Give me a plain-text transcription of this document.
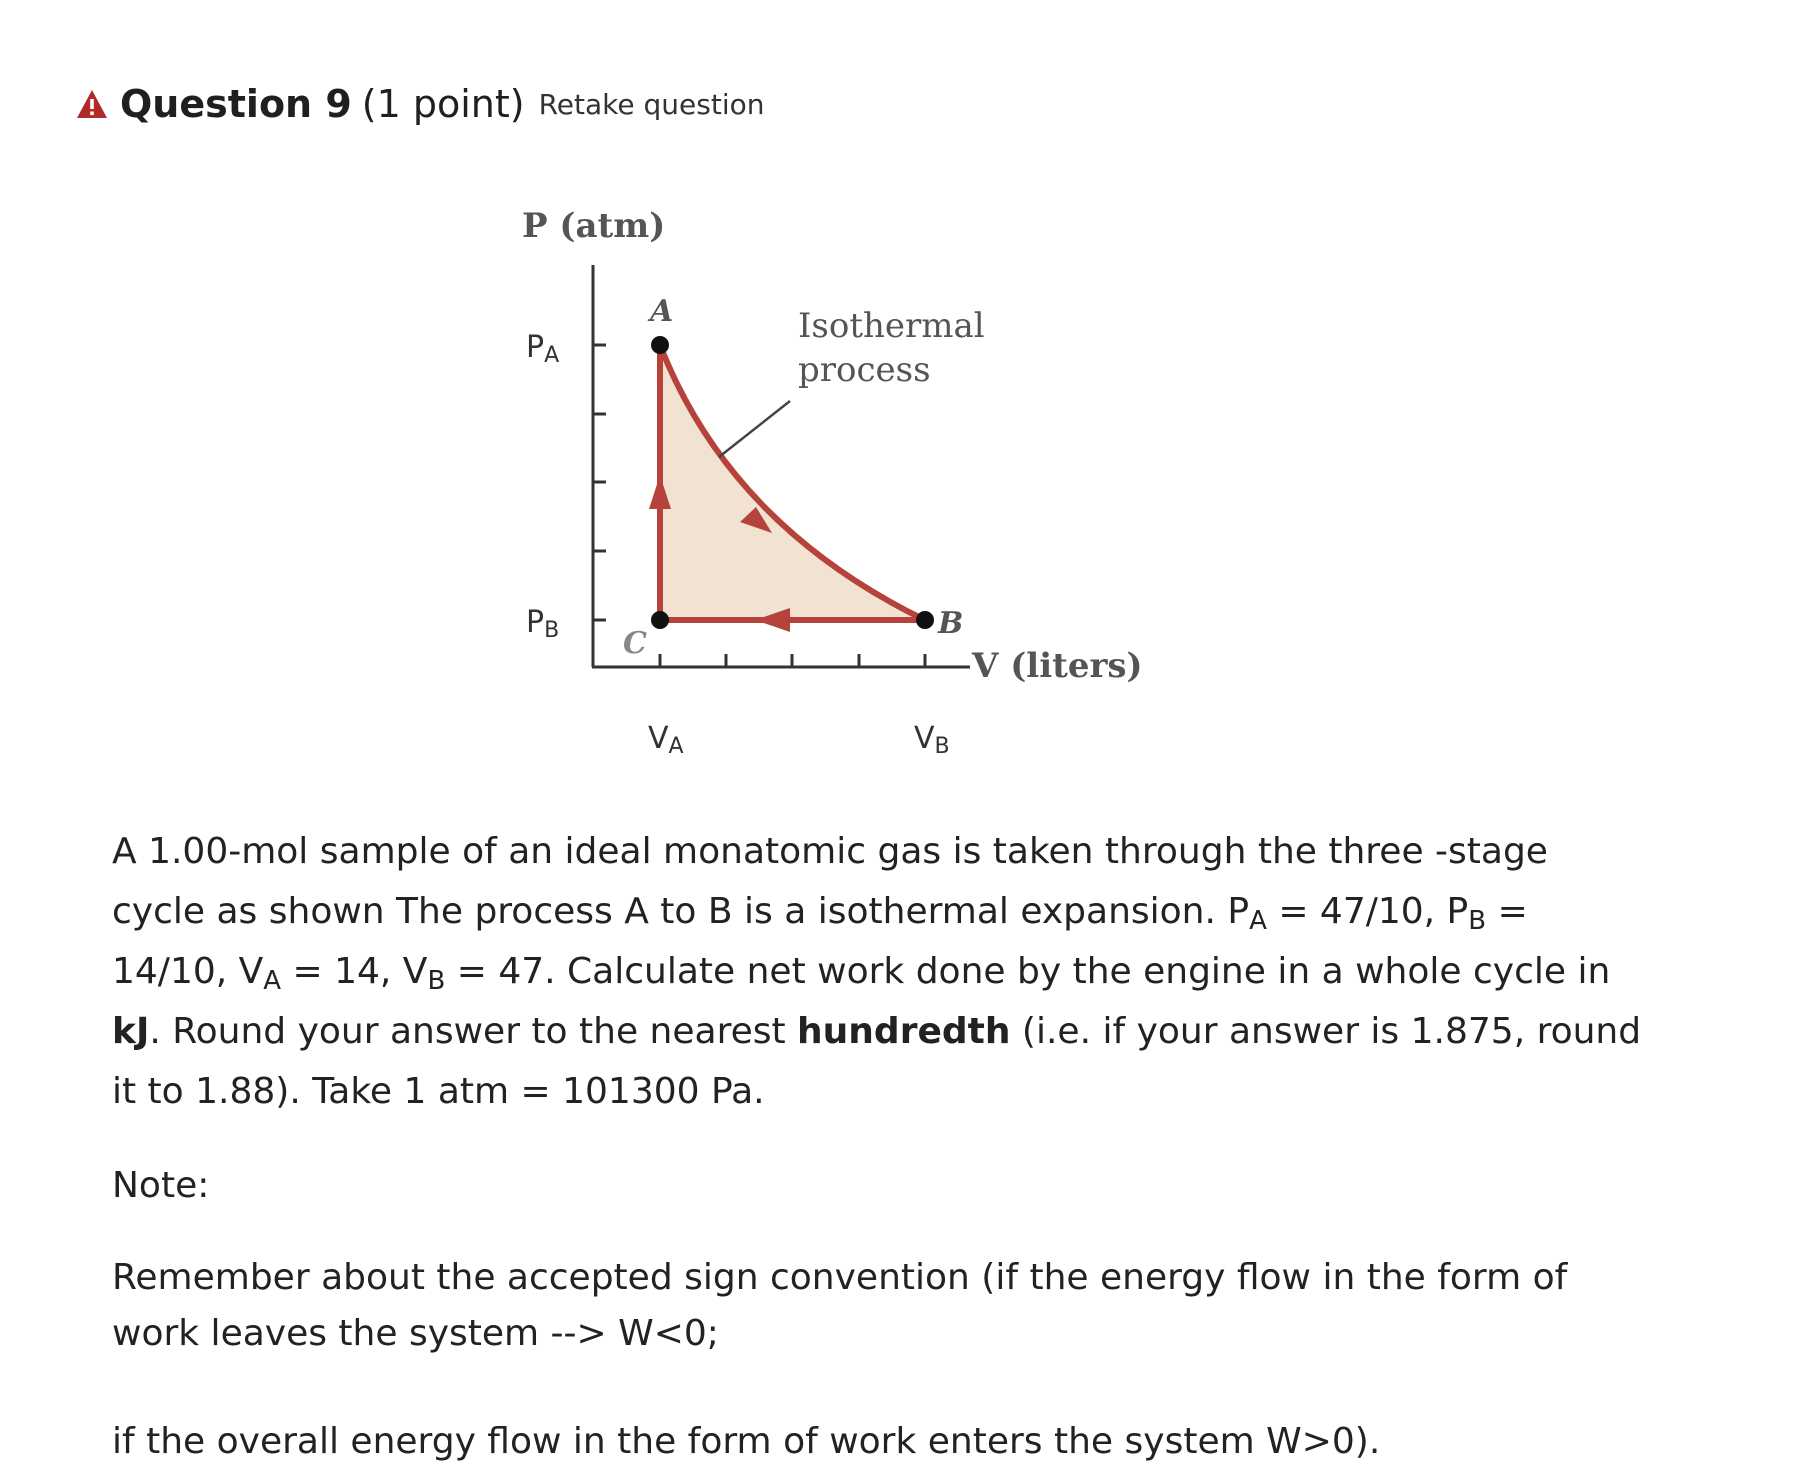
Question 9 (1 point) Retake question
Isothermal
process
A
B
C
P (atm)
V (liters)
PA
PB
VA	VB

A 1.00-mol sample of an ideal monatomic gas is taken through the three -stage cycle as shown The process A to B is a isothermal expansion. $P_A = 47/10$, $P_B = 14/10$, $V_A = 14$, $V_B = 47$. Calculate net work done by the engine in a whole cycle in kJ. Round your answer to the nearest hundredth (i.e. if your answer is 1.875, round it to 1.88). Take 1 atm = 101300 Pa.

Note:

Remember about the accepted sign convention (if the energy flow in the form of work leaves the system --> W<0;

if the overall energy flow in the form of work enters the system W>0).
